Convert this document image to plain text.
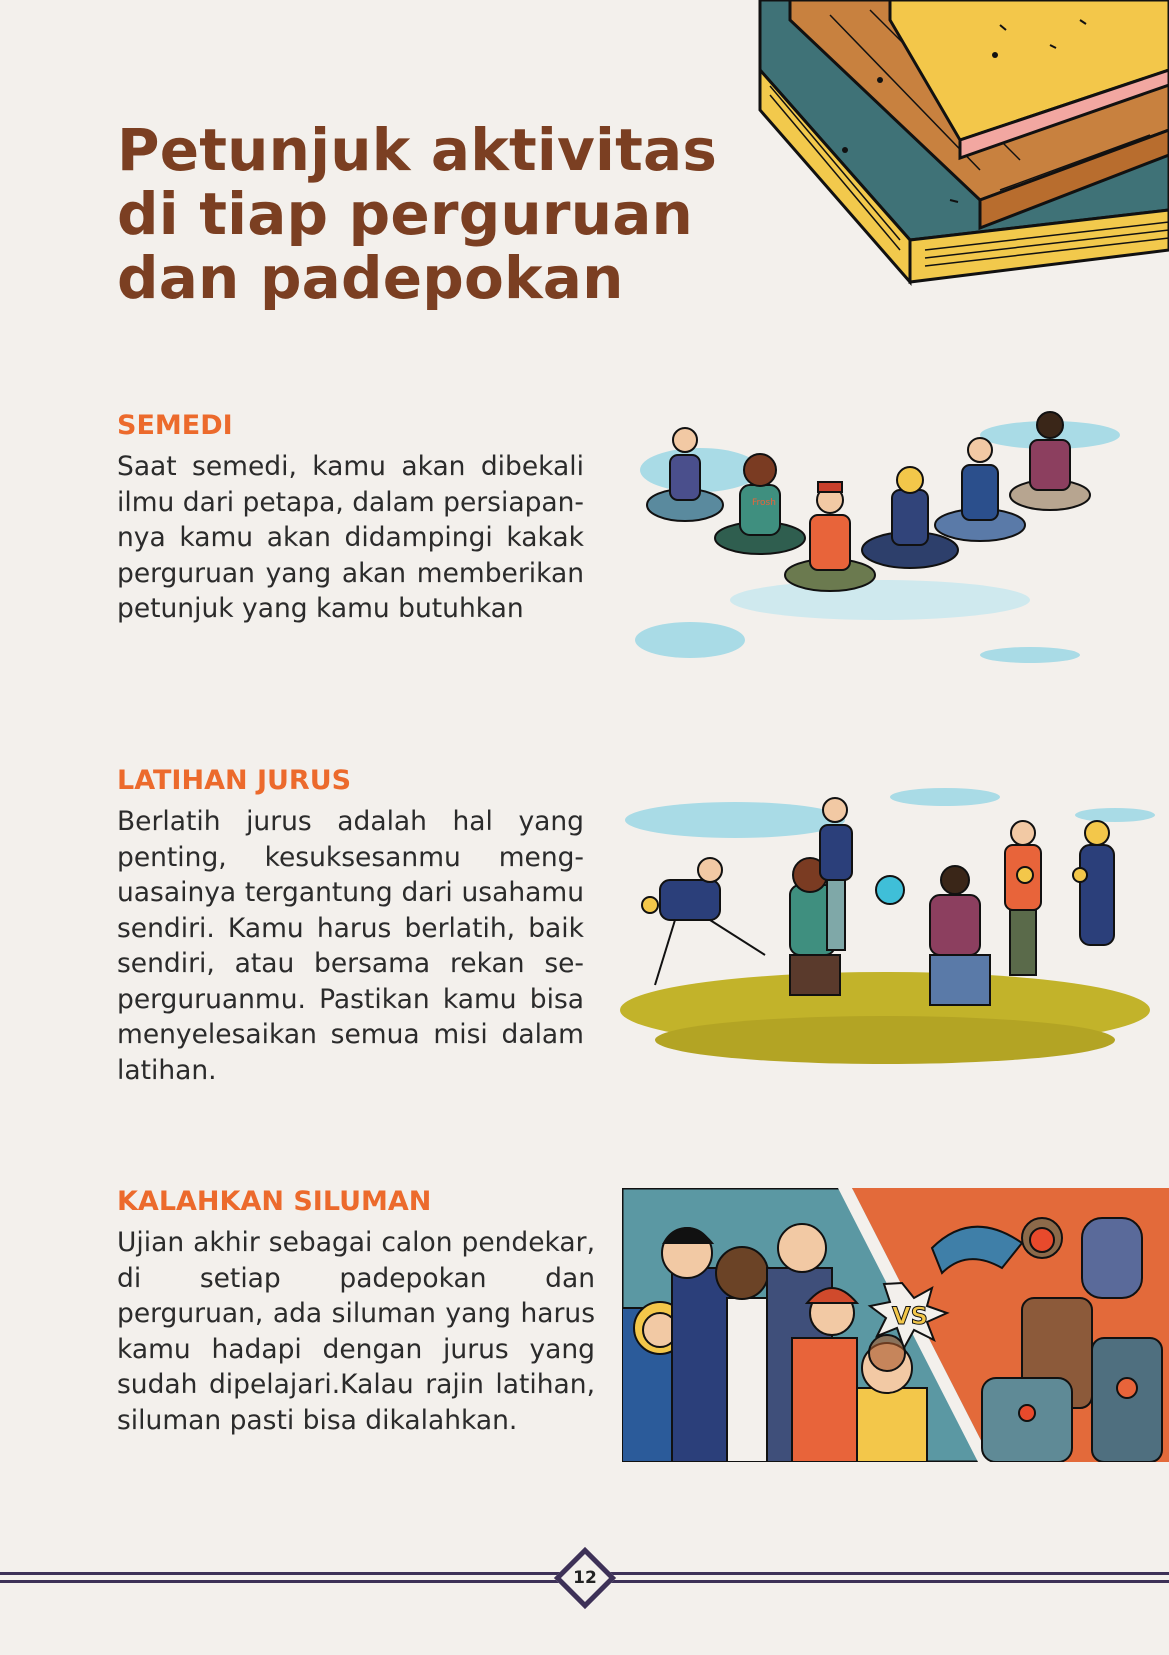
Petunjuk aktivitas di tiap perguruan dan padepokan
SEMEDI

Saat semedi, kamu akan dibekali ilmu dari petapa, dalam persiapan-nya kamu akan didampingi kakak perguruan yang akan memberikan petunjuk yang kamu butuhkan

Frosh
LATIHAN JURUS

Berlatih jurus adalah hal yang penting, kesuksesanmu meng-uasainya tergantung dari usahamu sendiri. Kamu harus berlatih, baik sendiri, atau bersama rekan se-perguruanmu. Pastikan kamu bisa menyelesaikan semua misi dalam latihan.

KALAHKAN SILUMAN

Ujian akhir sebagai calon pendekar, di setiap padepokan dan perguruan, ada siluman yang harus kamu hadapi dengan jurus yang sudah dipelajari.Kalau rajin latihan, siluman pasti bisa dikalahkan.

VS
12
